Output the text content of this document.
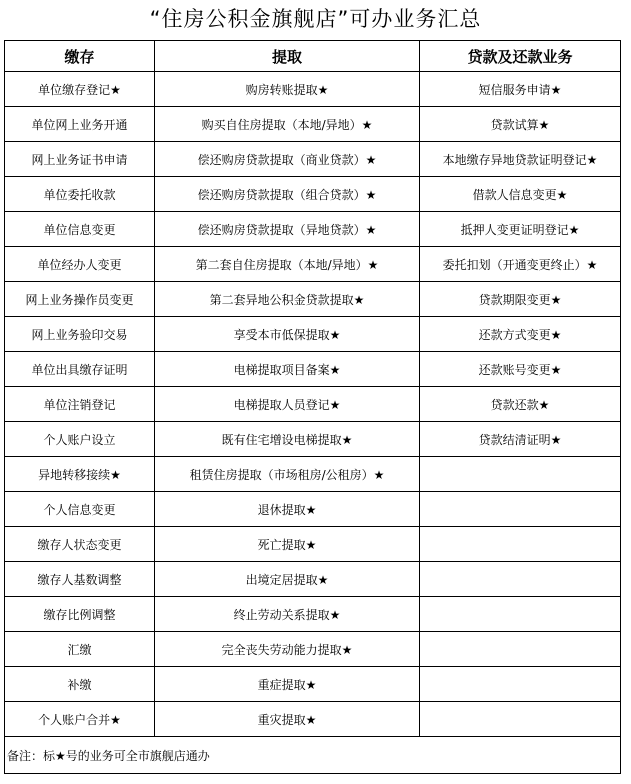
“住房公积金旗舰店”可办业务汇总
缴存	提取	贷款及还款业务
单位缴存登记★	购房转账提取★	短信服务申请★
单位网上业务开通	购买自住房提取（本地/异地）★	贷款试算★
网上业务证书申请	偿还购房贷款提取（商业贷款）★	本地缴存异地贷款证明登记★
单位委托收款	偿还购房贷款提取（组合贷款）★	借款人信息变更★
单位信息变更	偿还购房贷款提取（异地贷款）★	抵押人变更证明登记★
单位经办人变更	第二套自住房提取（本地/异地）★	委托扣划（开通变更终止）★
网上业务操作员变更	第二套异地公积金贷款提取★	贷款期限变更★
网上业务验印交易	享受本市低保提取★	还款方式变更★
单位出具缴存证明	电梯提取项目备案★	还款账号变更★
单位注销登记	电梯提取人员登记★	贷款还款★
个人账户设立	既有住宅增设电梯提取★	贷款结清证明★
异地转移接续★	租赁住房提取（市场租房/公租房）★	
个人信息变更	退休提取★	
缴存人状态变更	死亡提取★	
缴存人基数调整	出境定居提取★	
缴存比例调整	终止劳动关系提取★	
汇缴	完全丧失劳动能力提取★	
补缴	重症提取★	
个人账户合并★	重灾提取★	
备注：标★号的业务可全市旗舰店通办		
